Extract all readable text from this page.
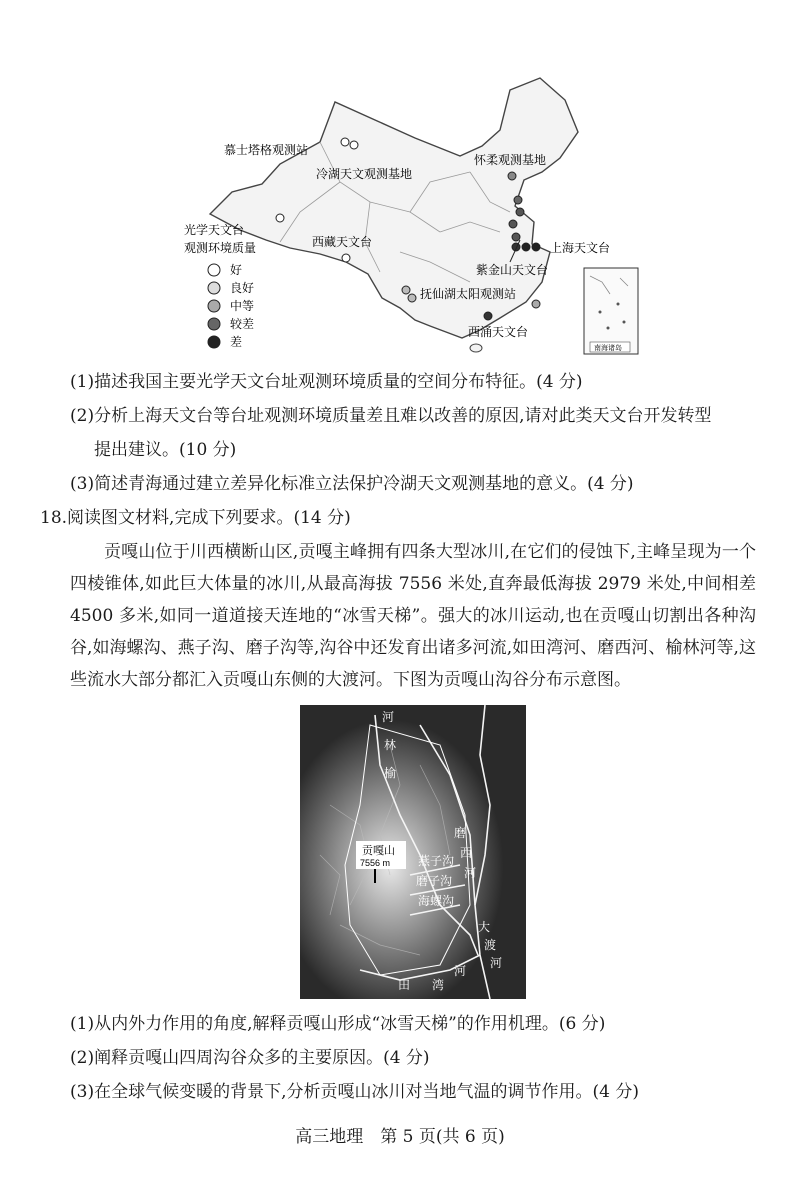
慕士塔格观测站
冷湖天文观测基地
怀柔观测基地
西藏天文台	上海天文台
紫金山天文台
抚仙湖太阳观测站
西涌天文台
光学天文台
观测环境质量
好
良好
中等
较差
差	南海诸岛
(1)描述我国主要光学天文台址观测环境质量的空间分布特征。(4 分)
(2)分析上海天文台等台址观测环境质量差且难以改善的原因,请对此类天文台开发转型
提出建议。(10 分)
(3)简述青海通过建立差异化标准立法保护冷湖天文观测基地的意义。(4 分)
18.阅读图文材料,完成下列要求。(14 分)
贡嘎山位于川西横断山区,贡嘎主峰拥有四条大型冰川,在它们的侵蚀下,主峰呈现为一个四棱锥体,如此巨大体量的冰川,从最高海拔 7556 米处,直奔最低海拔 2979 米处,中间相差 4500 多米,如同一道道接天连地的“冰雪天梯”。强大的冰川运动,也在贡嘎山切割出各种沟谷,如海螺沟、燕子沟、磨子沟等,沟谷中还发育出诸多河流,如田湾河、磨西河、榆林河等,这些流水大部分都汇入贡嘎山东侧的大渡河。下图为贡嘎山沟谷分布示意图。
贡嘎山
7556 m
河
林
榆
磨
西
河
燕子沟
磨子沟
海螺沟
大
渡
河
河
湾
田
(1)从内外力作用的角度,解释贡嘎山形成“冰雪天梯”的作用机理。(6 分)
(2)阐释贡嘎山四周沟谷众多的主要原因。(4 分)
(3)在全球气候变暖的背景下,分析贡嘎山冰川对当地气温的调节作用。(4 分)
高三地理　第 5 页(共 6 页)
